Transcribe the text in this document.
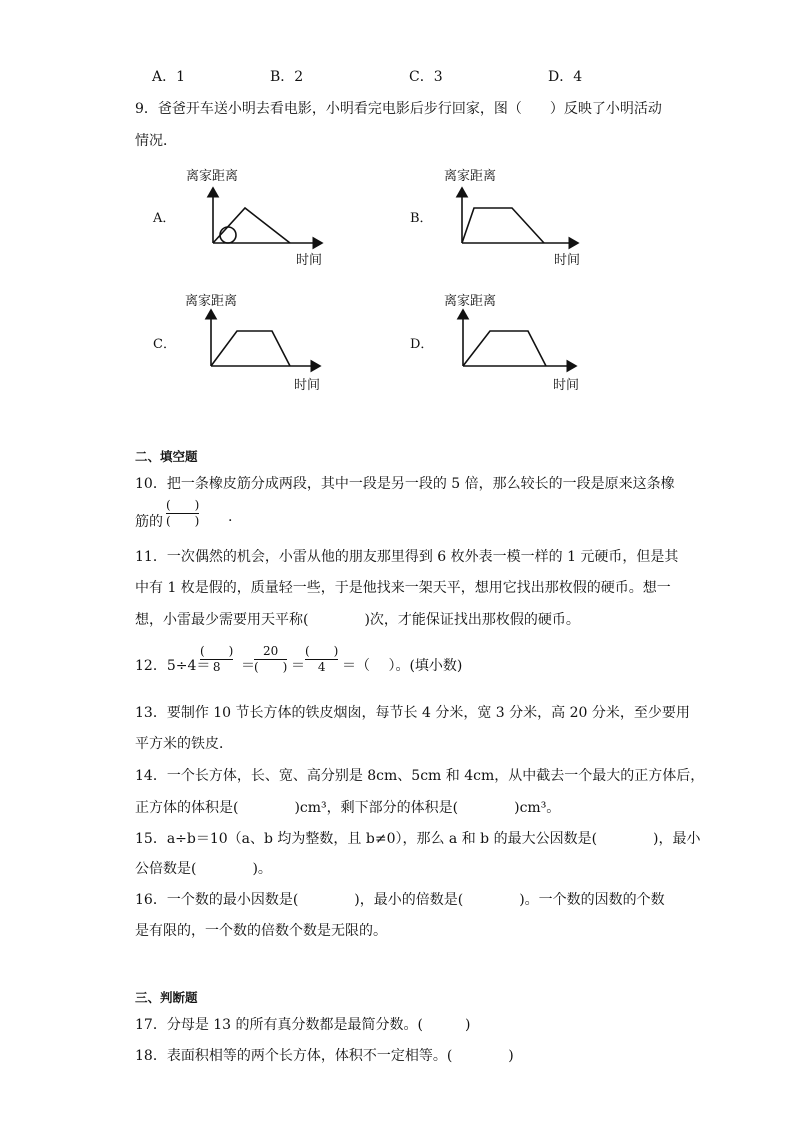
A．1	B．2	C．3	D．4
9．爸爸开车送小明去看电影，小明看完电影后步行回家，图（　　）反映了小明活动
情况．
离家距离
时间
A．
离家距离
时间
B．
离家距离
时间
C．
离家距离
时间
D．
二、填空题
10．把一条橡皮筋分成两段，其中一段是另一段的 5 倍，那么较长的一段是原来这条橡
筋的
(　　)
(　　) .
11．一次偶然的机会，小雷从他的朋友那里得到 6 枚外表一模一样的 1 元硬币，但是其
中有 1 枚是假的，质量轻一些，于是他找来一架天平，想用它找出那枚假的硬币。想一
想，小雷最少需要用天平称(　　　　)次，才能保证找出那枚假的硬币。
12．5÷4＝
(　　)
8 ＝
20
(　　) ＝
(　　)
4 ＝（　 ）。(填小数)
13．要制作 10 节长方体的铁皮烟囱，每节长 4 分米，宽 3 分米，高 20 分米，至少要用
平方米的铁皮．
14．一个长方体，长、宽、高分别是 8cm、5cm 和 4cm，从中截去一个最大的正方体后，
正方体的体积是(　　　　)cm³，剩下部分的体积是(　　　　)cm³。
15．a÷b＝10（a、b 均为整数，且 b≠0），那么 a 和 b 的最大公因数是(　　　　)，最小
公倍数是(　　　　)。
16．一个数的最小因数是(　　　　)，最小的倍数是(　　　　)。一个数的因数的个数
是有限的，一个数的倍数个数是无限的。
三、判断题
17．分母是 13 的所有真分数都是最简分数。(　　　)
18．表面积相等的两个长方体，体积不一定相等。(　　　　)
